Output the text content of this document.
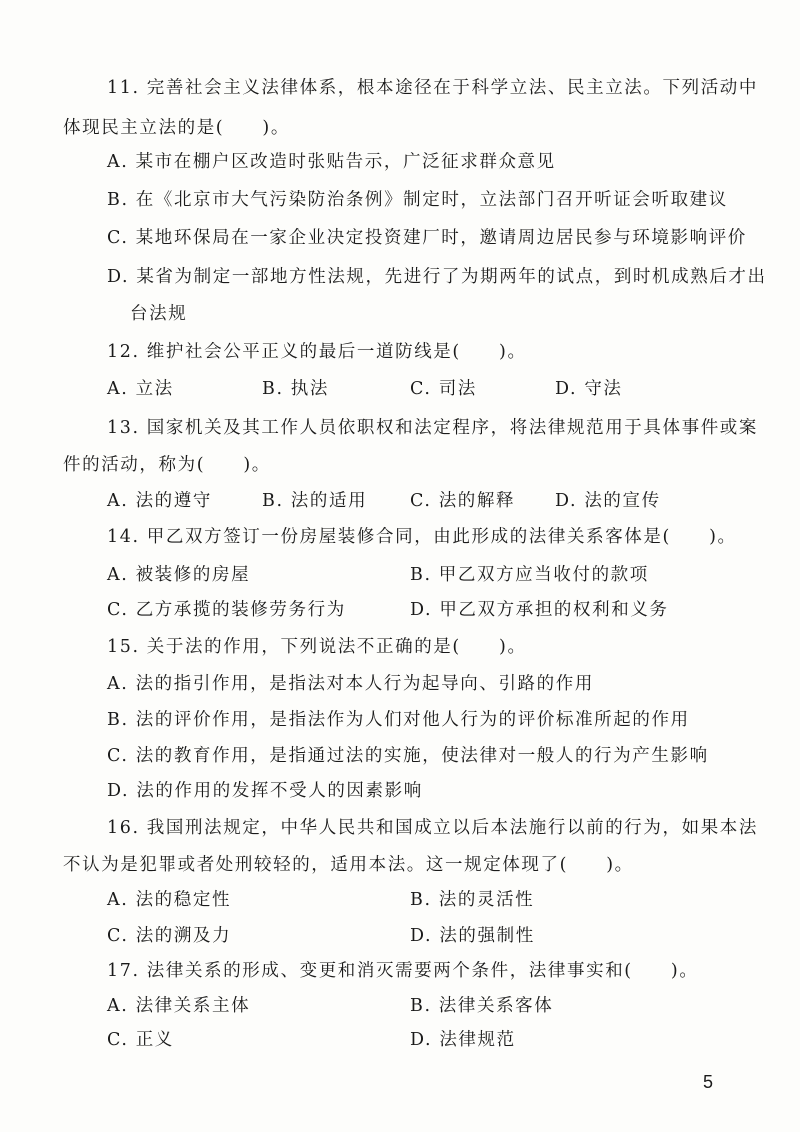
11. 完善社会主义法律体系，根本途径在于科学立法、民主立法。下列活动中
体现民主立法的是(　　)。
A. 某市在棚户区改造时张贴告示，广泛征求群众意见
B. 在《北京市大气污染防治条例》制定时，立法部门召开听证会听取建议
C. 某地环保局在一家企业决定投资建厂时，邀请周边居民参与环境影响评价
D. 某省为制定一部地方性法规，先进行了为期两年的试点，到时机成熟后才出
台法规
12. 维护社会公平正义的最后一道防线是(　　)。
A. 立法	B. 执法	C. 司法	D. 守法
13. 国家机关及其工作人员依职权和法定程序，将法律规范用于具体事件或案
件的活动，称为(　　)。
A. 法的遵守	B. 法的适用 C. 法的解释 D. 法的宣传
14. 甲乙双方签订一份房屋装修合同，由此形成的法律关系客体是(　　)。
A. 被装修的房屋	B. 甲乙双方应当收付的款项
C. 乙方承揽的装修劳务行为	D. 甲乙双方承担的权利和义务
15. 关于法的作用，下列说法不正确的是(　　)。
A. 法的指引作用，是指法对本人行为起导向、引路的作用
B. 法的评价作用，是指法作为人们对他人行为的评价标准所起的作用
C. 法的教育作用，是指通过法的实施，使法律对一般人的行为产生影响
D. 法的作用的发挥不受人的因素影响
16. 我国刑法规定，中华人民共和国成立以后本法施行以前的行为，如果本法
不认为是犯罪或者处刑较轻的，适用本法。这一规定体现了(　　)。
A. 法的稳定性	B. 法的灵活性
C. 法的溯及力	D. 法的强制性
17. 法律关系的形成、变更和消灭需要两个条件，法律事实和(　　)。
A. 法律关系主体	B. 法律关系客体
C. 正义	D. 法律规范
5
